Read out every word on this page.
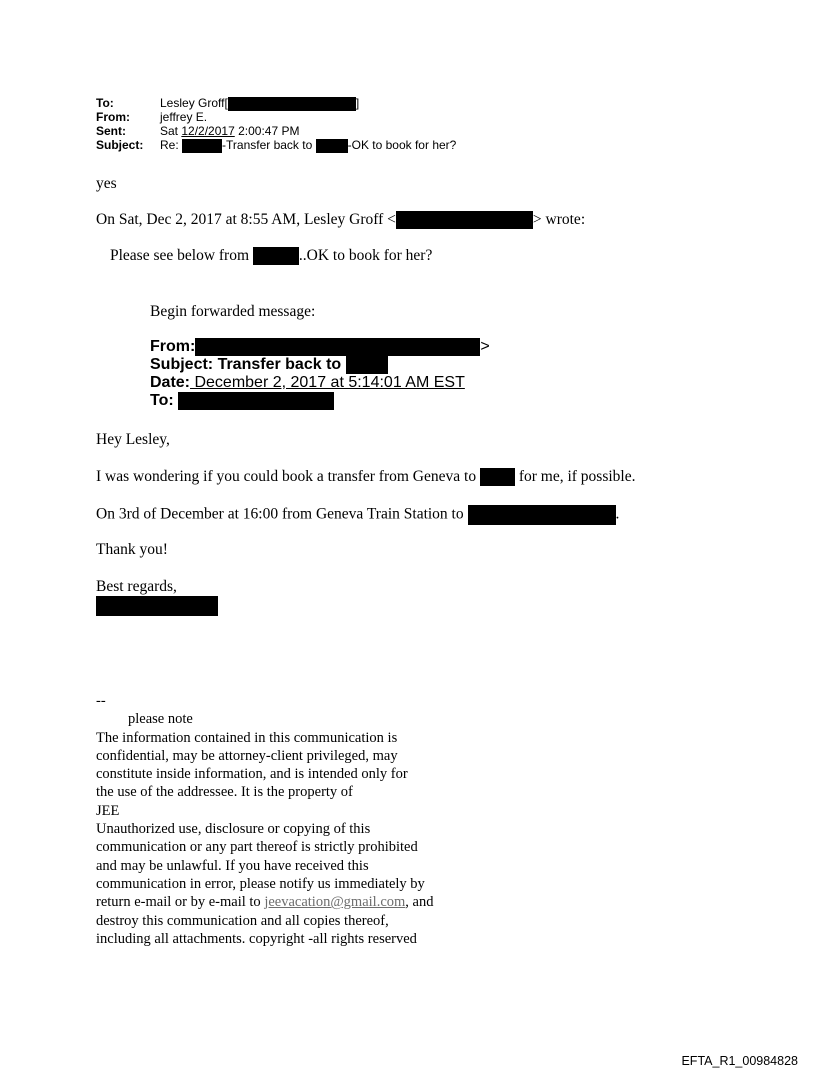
To:	Lesley Groff[	]
From:	jeffrey E.
Sent:	Sat 12/2/2017 2:00:47 PM
Subject: Re:	-Transfer back to	-OK to book for her?
yes
On Sat, Dec 2, 2017 at 8:55 AM, Lesley Groff <	> wrote:
Please see below from	..OK to book for her?
Begin forwarded message:
From:	>
Subject: Transfer back to
Date: December 2, 2017 at 5:14:01 AM EST
To:
Hey Lesley,
I was wondering if you could book a transfer from Geneva to  for me, if possible.
On 3rd of December at 16:00 from Geneva Train Station to	.
Thank you!
Best regards,
--
please note
The information contained in this communication is
confidential, may be attorney-client privileged, may
constitute inside information, and is intended only for
the use of the addressee. It is the property of
JEE
Unauthorized use, disclosure or copying of this
communication or any part thereof is strictly prohibited
and may be unlawful. If you have received this
communication in error, please notify us immediately by
return e-mail or by e-mail to jeevacation@gmail.com, and
destroy this communication and all copies thereof,
including all attachments. copyright -all rights reserved
EFTA_R1_00984828
